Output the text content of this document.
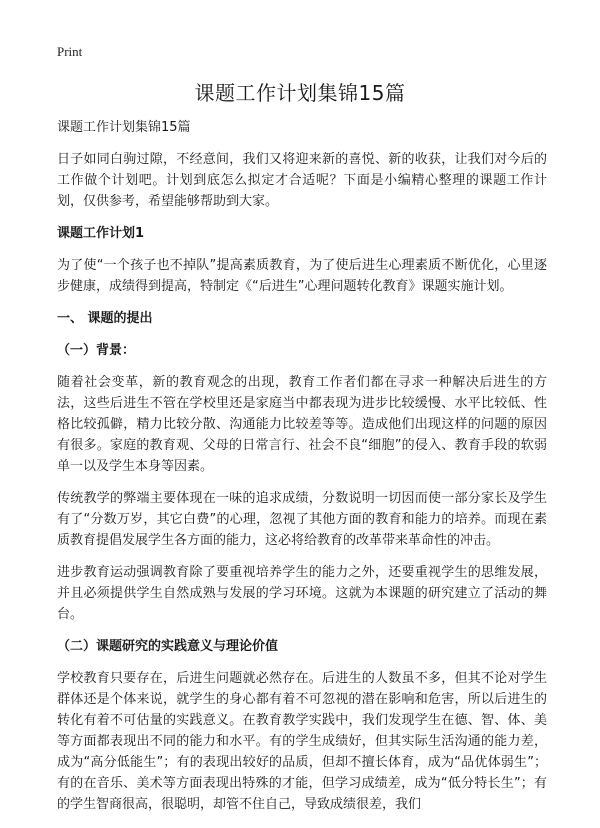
Print
课题工作计划集锦15篇

课题工作计划集锦15篇

日子如同白驹过隙，不经意间，我们又将迎来新的喜悦、新的收获，让我们对今后的工作做个计划吧。计划到底怎么拟定才合适呢？下面是小编精心整理的课题工作计划，仅供参考，希望能够帮助到大家。

课题工作计划1

为了使“一个孩子也不掉队”提高素质教育，为了使后进生心理素质不断优化，心里逐步健康，成绩得到提高，特制定《“后进生”心理问题转化教育》课题实施计划。

一、 课题的提出

（一）背景：

随着社会变革，新的教育观念的出现，教育工作者们都在寻求一种解决后进生的方法，这些后进生不管在学校里还是家庭当中都表现为进步比较缓慢、水平比较低、性格比较孤僻，精力比较分散、沟通能力比较差等等。造成他们出现这样的问题的原因有很多。家庭的教育观、父母的日常言行、社会不良“细胞”的侵入、教育手段的软弱单一以及学生本身等因素。

传统教学的弊端主要体现在一味的追求成绩，分数说明一切因而使一部分家长及学生有了“分数万岁，其它白费”的心理，忽视了其他方面的教育和能力的培养。而现在素质教育提倡发展学生各方面的能力，这必将给教育的改革带来革命性的冲击。

进步教育运动强调教育除了要重视培养学生的能力之外，还要重视学生的思维发展，并且必须提供学生自然成熟与发展的学习环境。这就为本课题的研究建立了活动的舞台。

（二）课题研究的实践意义与理论价值

学校教育只要存在，后进生问题就必然存在。后进生的人数虽不多，但其不论对学生群体还是个体来说，就学生的身心都有着不可忽视的潜在影响和危害，所以后进生的 转化有着不可估量的实践意义。在教育教学实践中，我们发现学生在德、智、体、美等方面都表现出不同的能力和水平。有的学生成绩好，但其实际生活沟通的能力差，成为“高分低能生”；有的表现出较好的品质，但却不擅长体育，成为“品优体弱生”；有的在音乐、美术等方面表现出特殊的才能，但学习成绩差，成为“低分特长生”；有的学生智商很高，很聪明，却管不住自己，导致成绩很差，我们
